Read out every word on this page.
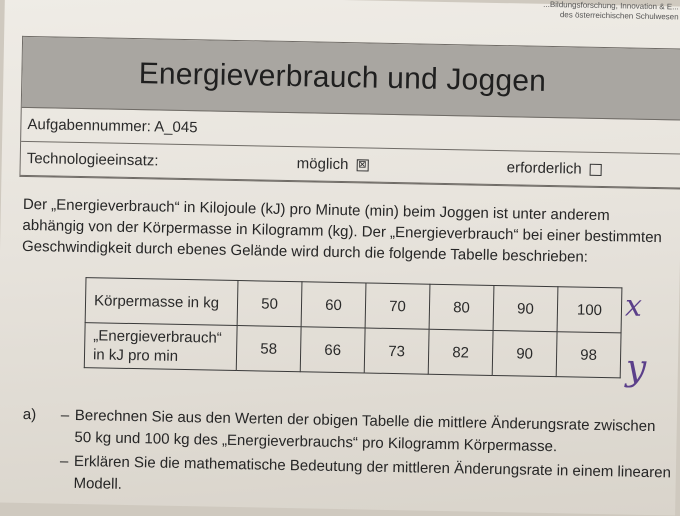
...Bildungsforschung, Innovation & E...
des österreichischen Schulwesen
Energieverbrauch und Joggen
Aufgabennummer: A_045
Technologieeinsatz:	möglich ⊠	erforderlich
Der „Energieverbrauch“ in Kilojoule (kJ) pro Minute (min) beim Joggen ist unter anderem abhängig von der Körpermasse in Kilogramm (kg). Der „Energieverbrauch“ bei einer bestimmten Geschwindigkeit durch ebenes Gelände wird durch die folgende Tabelle beschrieben:
Körpermasse in kg	50	60	70	80	90	100
„Energieverbrauch“ in kJ pro min	58	66	73	82	90	98
x
y
a)	– Berechnen Sie aus den Werten der obigen Tabelle die mittlere Änderungsrate zwischen 50 kg und 100 kg des „Energieverbrauchs“ pro Kilogramm Körpermasse.
– Erklären Sie die mathematische Bedeutung der mittleren Änderungsrate in einem linearen Modell.
